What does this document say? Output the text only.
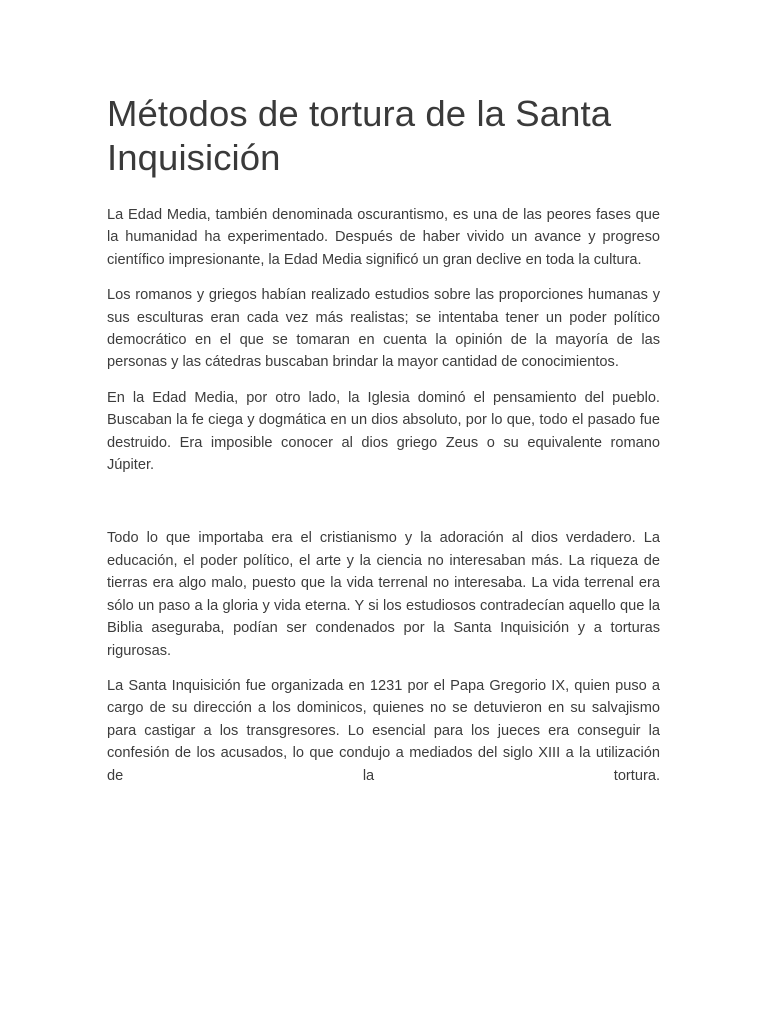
Métodos de tortura de la Santa Inquisición

La Edad Media, también denominada oscurantismo, es una de las peores fases que la humanidad ha experimentado. Después de haber vivido un avance y progreso científico impresionante, la Edad Media significó un gran declive en toda la cultura.

Los romanos y griegos habían realizado estudios sobre las proporciones humanas y sus esculturas eran cada vez más realistas; se intentaba tener un poder político democrático en el que se tomaran en cuenta la opinión de la mayoría de las personas y las cátedras buscaban brindar la mayor cantidad de conocimientos.

En la Edad Media, por otro lado, la Iglesia dominó el pensamiento del pueblo. Buscaban la fe ciega y dogmática en un dios absoluto, por lo que, todo el pasado fue destruido. Era imposible conocer al dios griego Zeus o su equivalente romano Júpiter.

Todo lo que importaba era el cristianismo y la adoración al dios verdadero. La educación, el poder político, el arte y la ciencia no interesaban más. La riqueza de tierras era algo malo, puesto que la vida terrenal no interesaba. La vida terrenal era sólo un paso a la gloria y vida eterna. Y si los estudiosos contradecían aquello que la Biblia aseguraba, podían ser condenados por la Santa Inquisición y a torturas rigurosas.

La Santa Inquisición fue organizada en 1231 por el Papa Gregorio IX, quien puso a cargo de su dirección a los dominicos, quienes no se detuvieron en su salvajismo para castigar a los transgresores. Lo esencial para los jueces era conseguir la confesión de los acusados, lo que condujo a mediados del siglo XIII a la utilización de la tortura.
